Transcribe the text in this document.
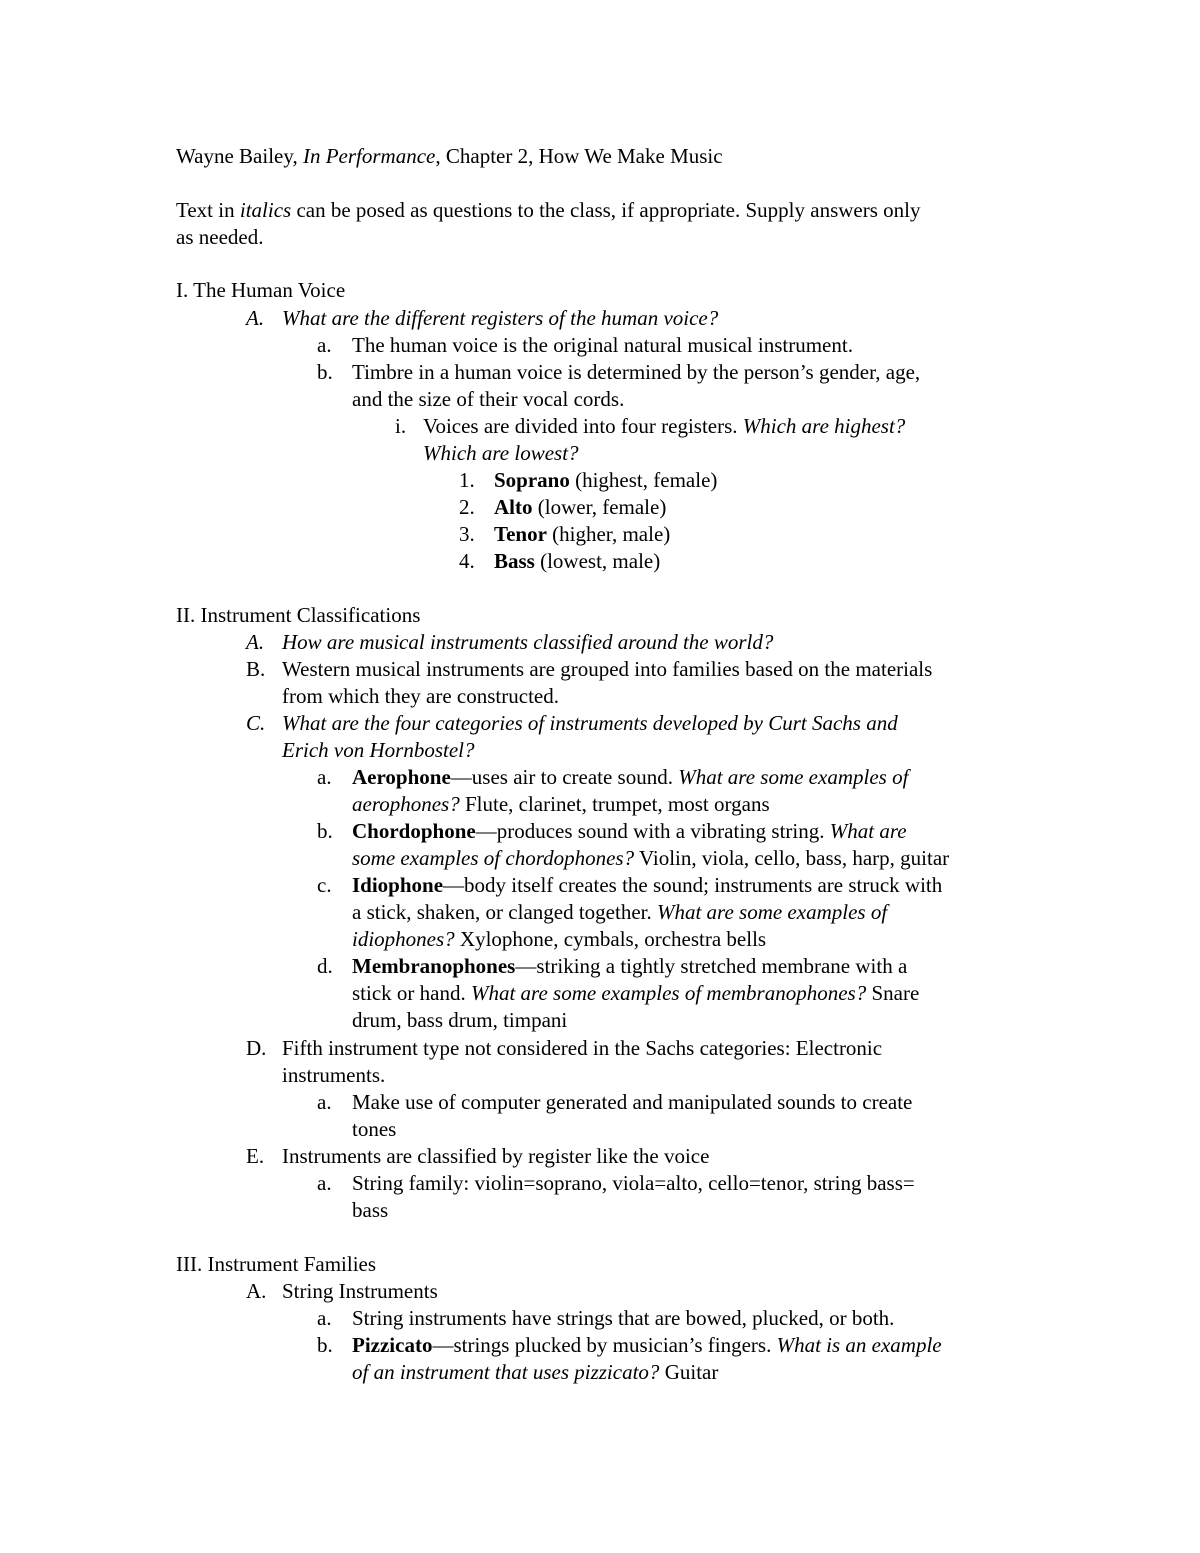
Wayne Bailey, In Performance, Chapter 2, How We Make Music
Text in italics can be posed as questions to the class, if appropriate. Supply answers only
as needed.
I. The Human Voice
A. What are the different registers of the human voice?
a. The human voice is the original natural musical instrument.
b. Timbre in a human voice is determined by the person’s gender, age,
and the size of their vocal cords.
i. Voices are divided into four registers. Which are highest?
Which are lowest?
1. Soprano (highest, female)
2. Alto (lower, female)
3. Tenor (higher, male)
4. Bass (lowest, male)
II. Instrument Classifications
A. How are musical instruments classified around the world?
B. Western musical instruments are grouped into families based on the materials
from which they are constructed.
C. What are the four categories of instruments developed by Curt Sachs and
Erich von Hornbostel?
a. Aerophone—uses air to create sound. What are some examples of
aerophones? Flute, clarinet, trumpet, most organs
b. Chordophone—produces sound with a vibrating string. What are
some examples of chordophones? Violin, viola, cello, bass, harp, guitar
c. Idiophone—body itself creates the sound; instruments are struck with
a stick, shaken, or clanged together. What are some examples of
idiophones? Xylophone, cymbals, orchestra bells
d. Membranophones—striking a tightly stretched membrane with a
stick or hand. What are some examples of membranophones? Snare
drum, bass drum, timpani
D. Fifth instrument type not considered in the Sachs categories: Electronic
instruments.
a. Make use of computer generated and manipulated sounds to create
tones
E. Instruments are classified by register like the voice
a. String family: violin=soprano, viola=alto, cello=tenor, string bass=
bass
III. Instrument Families
A. String Instruments
a. String instruments have strings that are bowed, plucked, or both.
b. Pizzicato—strings plucked by musician’s fingers. What is an example
of an instrument that uses pizzicato? Guitar
